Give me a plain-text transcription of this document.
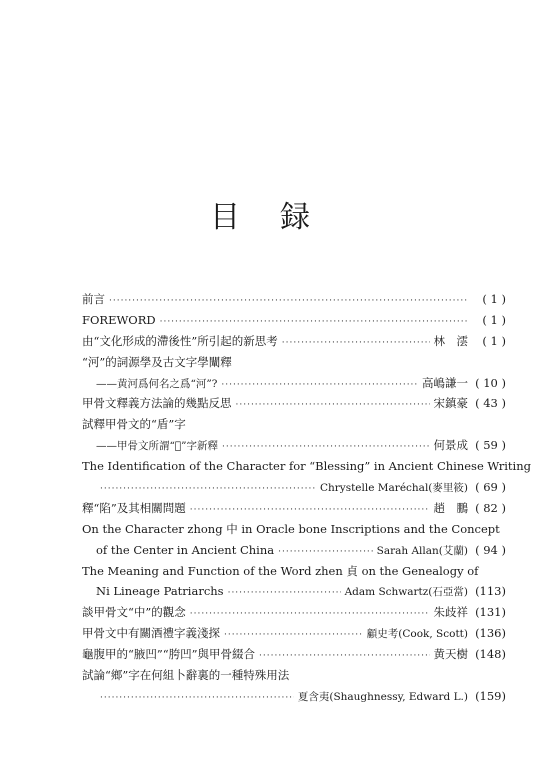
目録
前言 ·····	( 1 )
FOREWORD ·····	( 1 )
由“文化形成的滯後性”所引起的新思考 ·····	林　澐	( 1 )
“河”的詞源學及古文字學闡釋
——黄河爲何名之爲“河”? ·····	高嶋謙一 ( 10 )
甲骨文釋義方法論的幾點反思 ·····	宋鎮豪 ( 43 )
試釋甲骨文的“盾”字
——甲骨文所謂“𩇦”字新釋 ·····	何景成 ( 59 )
The Identification of the Character for “Blessing” in Ancient Chinese Writing
·····
Chrystelle Maréchal(麥里筱) ( 69 )
釋“陷”及其相關問題 ·····	趙　鵬 ( 82 )
On the Character zhong 中 in Oracle bone Inscriptions and the Concept
of the Center in Ancient China ·····	Sarah Allan(艾蘭) ( 94 )
The Meaning and Function of the Word zhen 貞 on the Genealogy of
Ni Lineage Patriarchs ·····	Adam Schwartz(石亞當) (113)
談甲骨文“中”的觀念 ·····	朱歧祥 (131)
甲骨文中有關酒禮字義淺探 ·····	顧史考(Cook, Scott) (136)
龜腹甲的“腋凹”“胯凹”與甲骨綴合 ·····	黄天樹 (148)
試論“鄉”字在何組卜辭裏的一種特殊用法
·····
夏含夷(Shaughnessy, Edward L.) (159)
